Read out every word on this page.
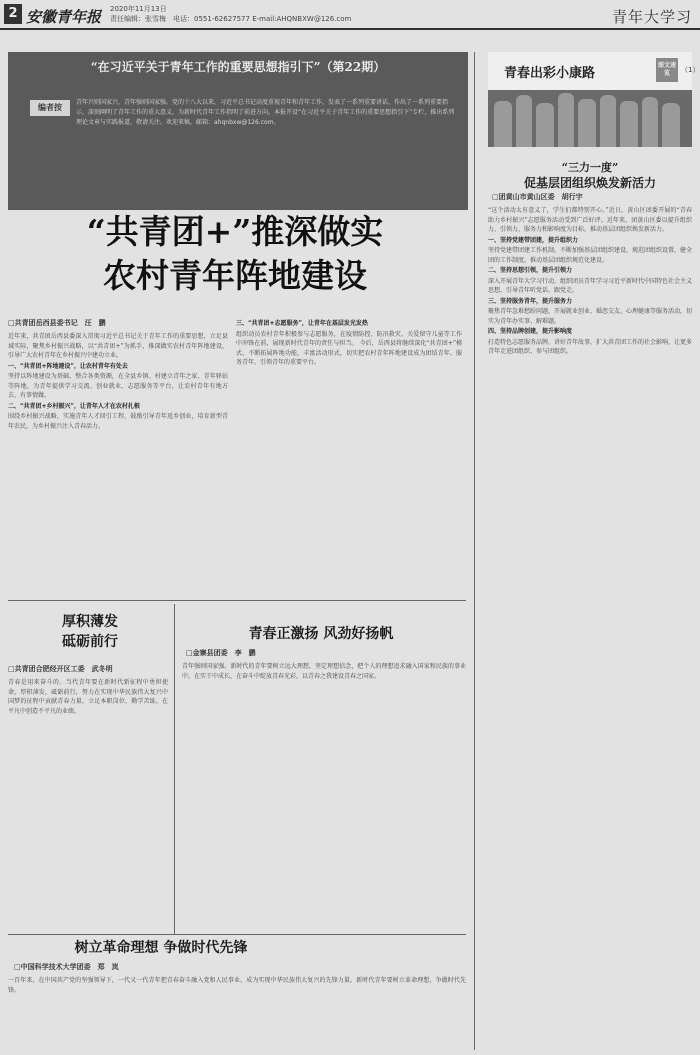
2 安徽青年报 2020年11月13日
责任编辑：张雪梅　电话：0551-62627577 E-mail:AHQNBXW@126.com	青年大学习
“在习近平关于青年工作的重要思想指引下”（第22期）
编者按
青年兴则国家兴，青年强则国家强。党的十八大以来，习近平总书记高度重视青年和青年工作，发表了一系列重要讲话，作出了一系列重要指示，深刻阐明了青年工作的重大意义，为新时代青年工作指明了前进方向。本报开设“在习近平关于青年工作的重要思想指引下”专栏，推出系列理论文章与实践报道，敬请关注。欢迎来稿，邮箱：ahqnbxw@126.com。
“共青团+”推深做实
农村青年阵地建设
□共青团岳西县委书记　汪　鹏
近年来，共青团岳西县委深入贯彻习近平总书记关于青年工作的重要思想，立足县域实际，聚焦乡村振兴战略，以“共青团+”为抓手，推深做实农村青年阵地建设，引导广大农村青年在乡村振兴中建功立业。
一、“共青团+阵地建设”，让农村青年有处去
坚持以阵地建设为基础，整合各类资源，在全县乡镇、村建立青年之家、青年驿站等阵地，为青年提供学习交流、创业就业、志愿服务等平台，让农村青年有地方去、有事情做。
二、“共青团+乡村振兴”，让青年人才在农村扎根
围绕乡村振兴战略，实施青年人才回引工程，鼓励引导青年返乡创业，培育新型青年农民，为乡村振兴注入青春活力。
三、“共青团+志愿服务”，让青年在基层发光发热
组织动员农村青年积极参与志愿服务，在疫情防控、防汛救灾、关爱留守儿童等工作中冲锋在前，展现新时代青年的责任与担当。 今后，岳西县将继续深化“共青团+”模式，不断拓展阵地功能，丰富活动形式，切实把农村青年阵地建设成为团结青年、服务青年、引领青年的重要平台。
厚积薄发
砥砺前行
□共青团合肥经开区工委　武冬明
青春是用来奋斗的。当代青年要在新时代新征程中勇担使命，厚积薄发，砥砺前行，努力在实现中华民族伟大复兴中国梦的征程中贡献青春力量。立足本职岗位，勤学苦练，在平凡中创造不平凡的业绩。
青春正激扬 风劲好扬帆
□金寨县团委　李　鹏
青年强则国家强。新时代的青年要树立远大理想，坚定理想信念，把个人的理想追求融入国家和民族的事业中，在实干中成长，在奋斗中绽放青春光彩，以青春之我建设青春之国家。
树立革命理想 争做时代先锋
□中国科学技术大学团委　郑　岚
一百年来，在中国共产党的坚强领导下，一代又一代青年把青春奋斗融入党和人民事业，成为实现中华民族伟大复兴的先锋力量。新时代青年要树立革命理想，争做时代先锋。
青春出彩小康路
图文速览	（1）
“三力一度”
促基层团组织焕发新活力
□团黄山市黄山区委　胡行宇
“这个活动太有意义了，学生们都特别开心。”近日，黄山区团委开展的“青春助力乡村振兴”志愿服务活动受到广泛好评。近年来，团黄山区委以提升组织力、引领力、服务力和影响度为目标，推动基层团组织焕发新活力。
一、坚持党建带团建，提升组织力
坚持党建带团建工作机制，不断加强基层团组织建设，规范团组织设置，健全团的工作制度，推动基层团组织规范化建设。
二、坚持思想引领，提升引领力
深入开展青年大学习行动，组织团员青年学习习近平新时代中国特色社会主义思想，引导青年听党话、跟党走。
三、坚持服务青年，提升服务力
聚焦青年急难愁盼问题，开展就业创业、婚恋交友、心理健康等服务活动，切实为青年办实事、解难题。
四、坚持品牌创建，提升影响度
打造特色志愿服务品牌，讲好青年故事，扩大共青团工作的社会影响，让更多青年走进团组织、参与团组织。
